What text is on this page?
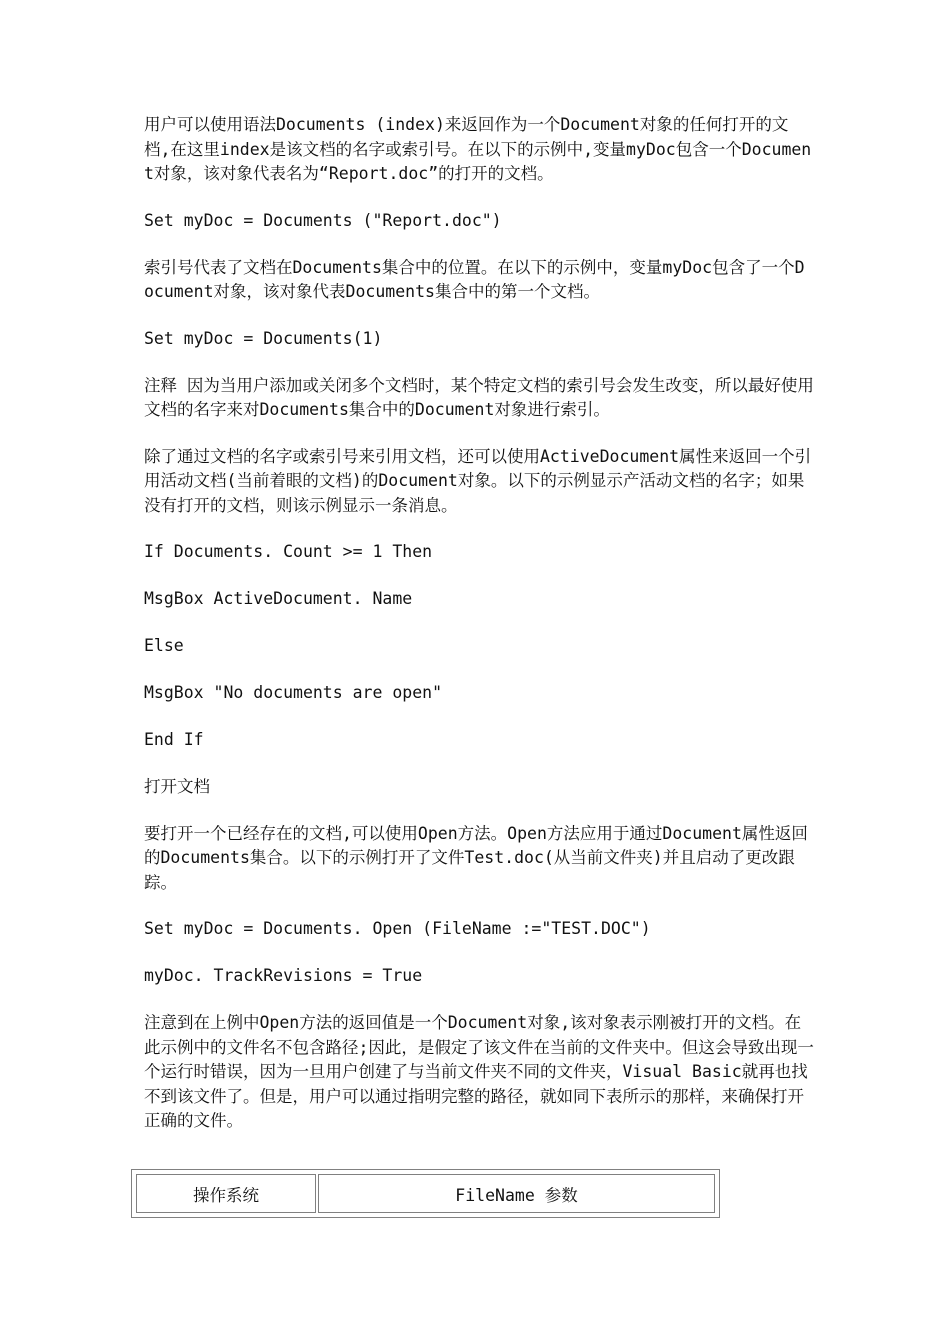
用户可以使用语法Documents (index)来返回作为一个Document对象的任何打开的文档,在这里index是该文档的名字或索引号。在以下的示例中,变量myDoc包含一个Document对象，该对象代表名为“Report.doc”的打开的文档。

Set myDoc = Documents ("Report.doc")

索引号代表了文档在Documents集合中的位置。在以下的示例中，变量myDoc包含了一个Document对象，该对象代表Documents集合中的第一个文档。

Set myDoc = Documents(1)

注释 因为当用户添加或关闭多个文档时，某个特定文档的索引号会发生改变，所以最好使用文档的名字来对Documents集合中的Document对象进行索引。

除了通过文档的名字或索引号来引用文档，还可以使用ActiveDocument属性来返回一个引用活动文档(当前着眼的文档)的Document对象。以下的示例显示产活动文档的名字；如果没有打开的文档，则该示例显示一条消息。

If Documents. Count >= 1 Then

MsgBox ActiveDocument. Name

Else

MsgBox "No documents are open"

End If

打开文档

要打开一个已经存在的文档,可以使用Open方法。Open方法应用于通过Document属性返回的Documents集合。以下的示例打开了文件Test.doc(从当前文件夹)并且启动了更改跟踪。

Set myDoc = Documents. Open (FileName :="TEST.DOC")

myDoc. TrackRevisions = True

注意到在上例中Open方法的返回值是一个Document对象,该对象表示刚被打开的文档。在此示例中的文件名不包含路径;因此，是假定了该文件在当前的文件夹中。但这会导致出现一个运行时错误，因为一旦用户创建了与当前文件夹不同的文件夹，Visual Basic就再也找不到该文件了。但是，用户可以通过指明完整的路径，就如同下表所示的那样，来确保打开正确的文件。

操作系统	FileName 参数
